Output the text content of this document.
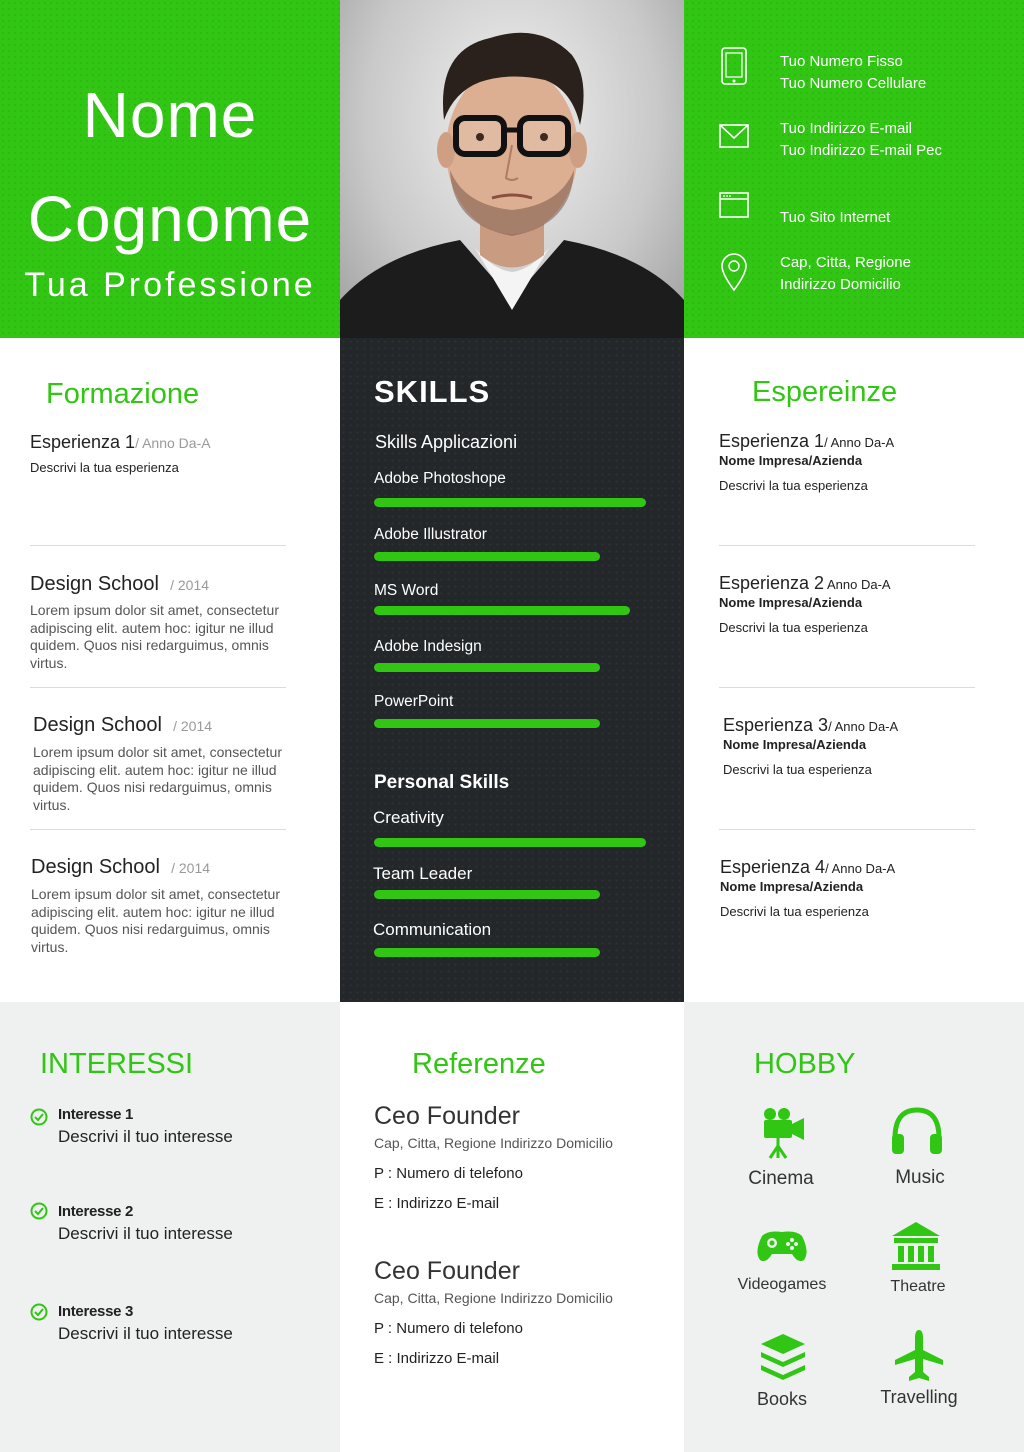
Nome
Cognome
Tua Professione
Tuo Numero Fisso
Tuo Numero Cellulare
Tuo Indirizzo E-mail
Tuo Indirizzo E-mail Pec
Tuo Sito Internet
Cap, Citta, Regione
Indirizzo Domicilio
Formazione
Esperienza 1/ Anno Da-A
Descrivi la tua esperienza
Design School / 2014
Lorem ipsum dolor sit amet, consectetur adipiscing elit. autem hoc: igitur ne illud quidem. Quos nisi redarguimus, omnis virtus.
Design School / 2014
Lorem ipsum dolor sit amet, consectetur adipiscing elit. autem hoc: igitur ne illud quidem. Quos nisi redarguimus, omnis virtus.
Design School / 2014
Lorem ipsum dolor sit amet, consectetur adipiscing elit. autem hoc: igitur ne illud quidem. Quos nisi redarguimus, omnis virtus.
SKILLS
Skills Applicazioni
Adobe Photoshope
Adobe Illustrator
MS Word
Adobe Indesign
PowerPoint
Personal Skills
Creativity
Team Leader
Communication
Espereinze
Esperienza 1/ Anno Da-A
Nome Impresa/Azienda
Descrivi la tua esperienza
Esperienza 2 Anno Da-A
Nome Impresa/Azienda
Descrivi la tua esperienza
Esperienza 3/ Anno Da-A
Nome Impresa/Azienda
Descrivi la tua esperienza
Esperienza 4/ Anno Da-A
Nome Impresa/Azienda
Descrivi la tua esperienza
INTERESSI
Interesse 1
Descrivi il tuo interesse
Interesse 2
Descrivi il tuo interesse
Interesse 3
Descrivi il tuo interesse
Referenze
Ceo Founder
Cap, Citta, Regione Indirizzo Domicilio
P : Numero di telefono
E : Indirizzo E-mail
Ceo Founder
Cap, Citta, Regione Indirizzo Domicilio
P : Numero di telefono
E : Indirizzo E-mail
HOBBY
Cinema	Music
Videogames	Theatre
Books	Travelling
